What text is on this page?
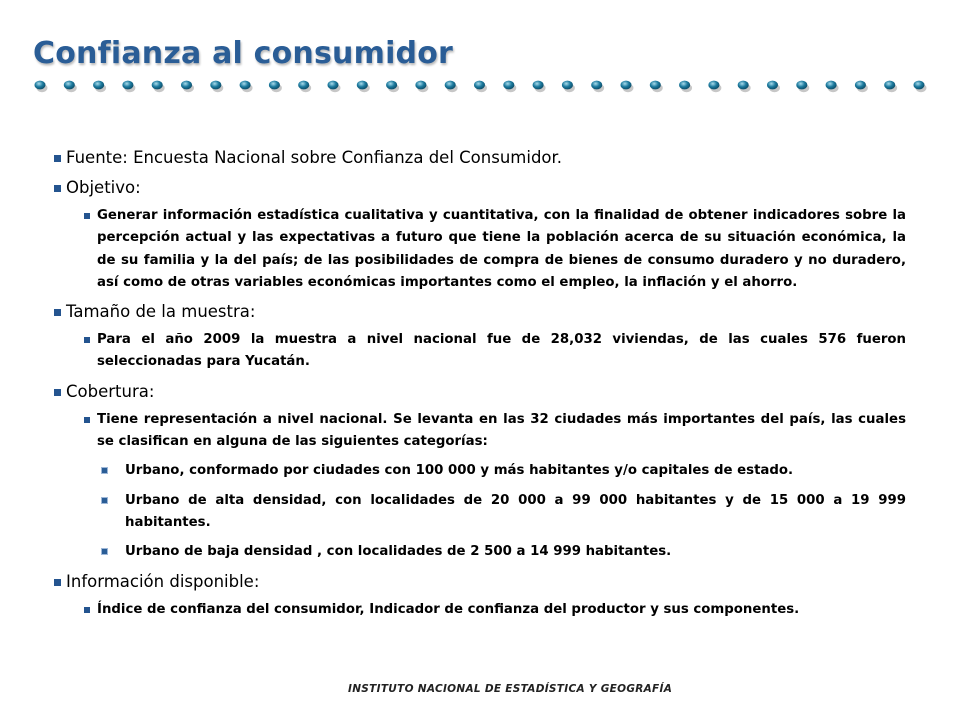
Confianza al consumidor
Fuente: Encuesta Nacional sobre Confianza del Consumidor.
Objetivo:
Generar información estadística cualitativa y cuantitativa, con la finalidad de obtener indicadores sobre la percepción actual y las expectativas a futuro que tiene la población acerca de su situación económica, la de su familia y la del país; de las posibilidades de compra de bienes de consumo duradero y no duradero, así como de otras variables económicas importantes como el empleo, la inflación y el ahorro.
Tamaño de la muestra:
Para el año 2009 la muestra a nivel nacional fue de 28,032 viviendas, de las cuales 576 fueron seleccionadas para Yucatán.
Cobertura:
Tiene representación a nivel nacional. Se levanta en las 32 ciudades más importantes del país, las cuales se clasifican en alguna de las siguientes categorías:
Urbano, conformado por ciudades con 100 000 y más habitantes y/o capitales de estado.
Urbano de alta densidad, con localidades de 20 000 a 99 000 habitantes y de 15 000 a 19 999 habitantes.
Urbano de baja densidad , con localidades de 2 500 a 14 999 habitantes.
Información disponible:
Índice de confianza del consumidor, Indicador de confianza del productor y sus componentes.
INSTITUTO NACIONAL DE ESTADÍSTICA Y GEOGRAFÍA
